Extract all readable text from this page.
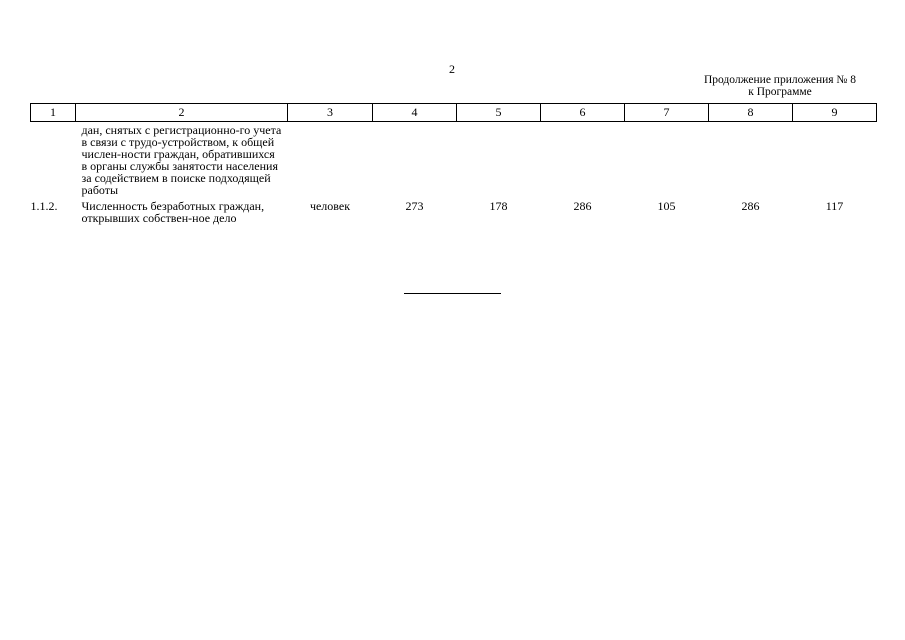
2
Продолжение приложения № 8
к Программе
1	2	3	4	5	6	7	8	9
	дан, снятых с регистрационно-го учета в связи с трудо-устройством, к общей числен-ности граждан, обратившихся в органы службы занятости населения за содействием в поиске подходящей работы							
1.1.2.	Численность безработных граждан, открывших собствен-ное дело	человек	273	178	286	105	286	117
